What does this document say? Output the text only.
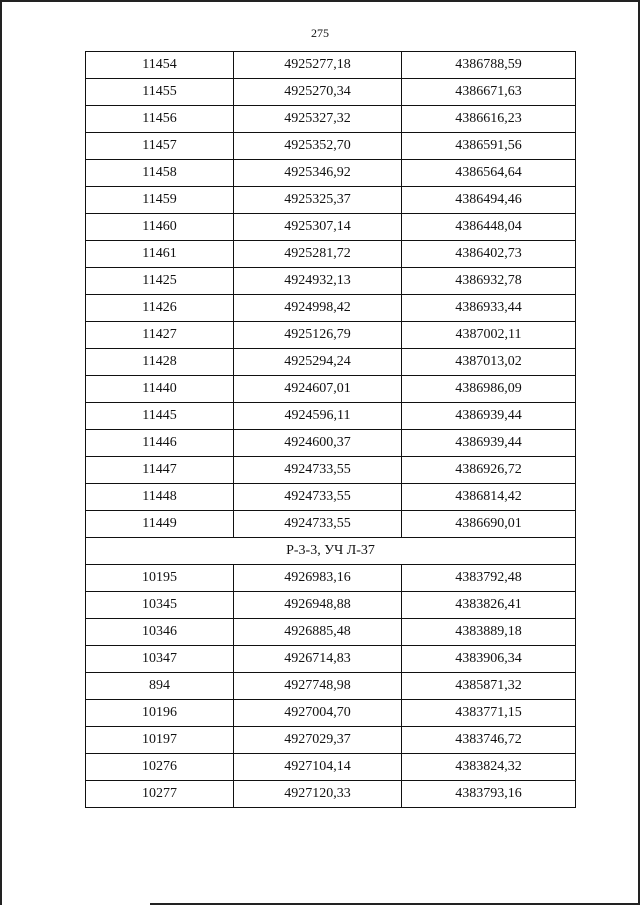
275
11454	4925277,18	4386788,59
11455	4925270,34	4386671,63
11456	4925327,32	4386616,23
11457	4925352,70	4386591,56
11458	4925346,92	4386564,64
11459	4925325,37	4386494,46
11460	4925307,14	4386448,04
11461	4925281,72	4386402,73
11425	4924932,13	4386932,78
11426	4924998,42	4386933,44
11427	4925126,79	4387002,11
11428	4925294,24	4387013,02
11440	4924607,01	4386986,09
11445	4924596,11	4386939,44
11446	4924600,37	4386939,44
11447	4924733,55	4386926,72
11448	4924733,55	4386814,42
11449	4924733,55	4386690,01
Р-3-3, УЧ Л-37		
10195	4926983,16	4383792,48
10345	4926948,88	4383826,41
10346	4926885,48	4383889,18
10347	4926714,83	4383906,34
894	4927748,98	4385871,32
10196	4927004,70	4383771,15
10197	4927029,37	4383746,72
10276	4927104,14	4383824,32
10277	4927120,33	4383793,16
